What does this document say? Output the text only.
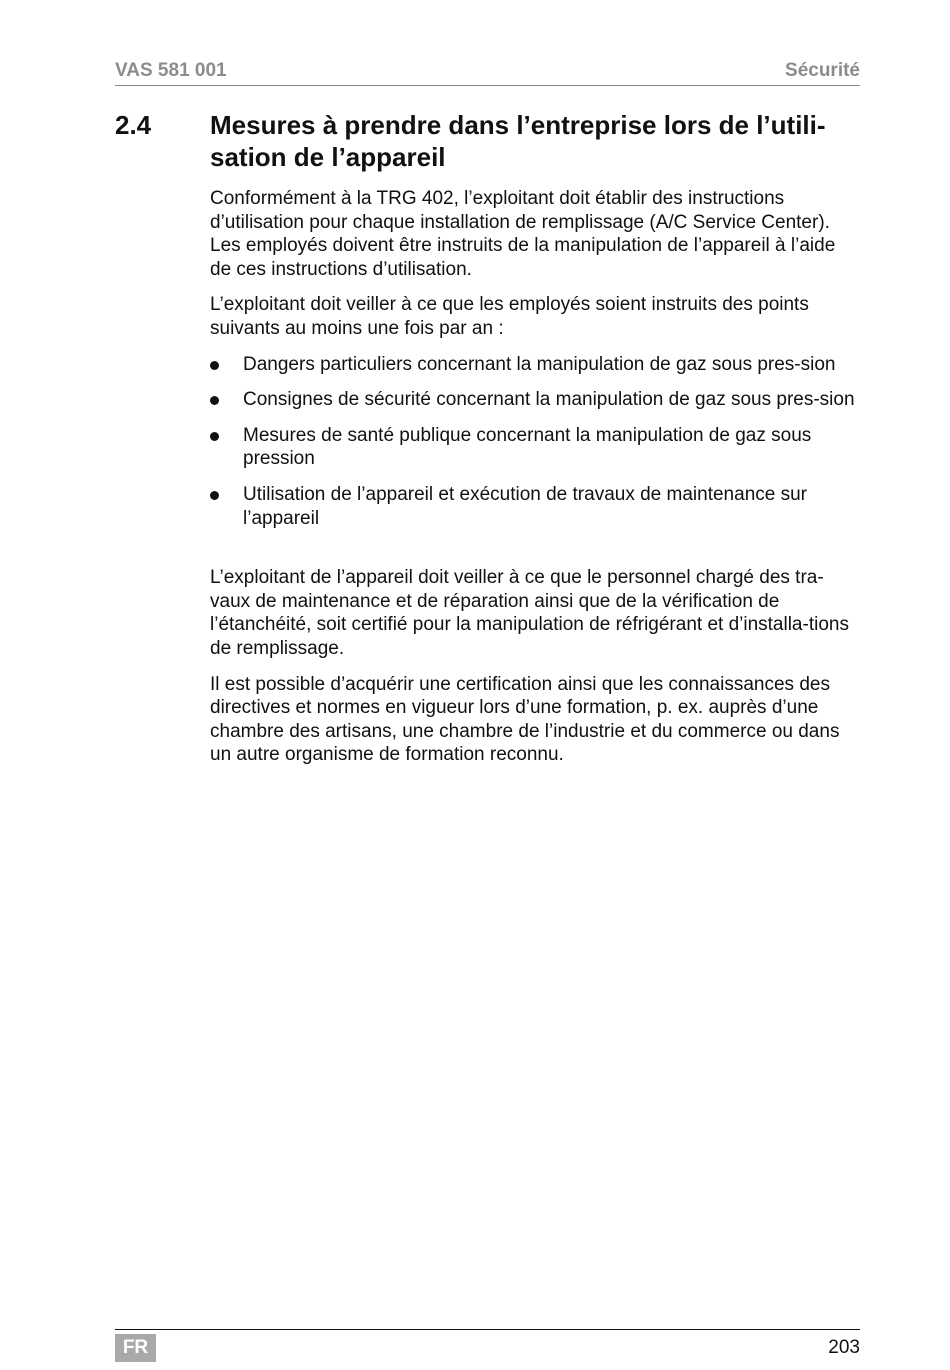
VAS 581 001	Sécurité
2.4 Mesures à prendre dans l’entreprise lors de l’utili-sation de l’appareil

Conformément à la TRG 402, l’exploitant doit établir des instructions d’utilisation pour chaque installation de remplissage (A/C Service Center). Les employés doivent être instruits de la manipulation de l’appareil à l’aide de ces instructions d’utilisation.

L’exploitant doit veiller à ce que les employés soient instruits des points suivants au moins une fois par an :

Dangers particuliers concernant la manipulation de gaz sous pres-sion
Consignes de sécurité concernant la manipulation de gaz sous pres-sion
Mesures de santé publique concernant la manipulation de gaz sous pression
Utilisation de l’appareil et exécution de travaux de maintenance sur l’appareil

L’exploitant de l’appareil doit veiller à ce que le personnel chargé des tra-vaux de maintenance et de réparation ainsi que de la vérification de l’étanchéité, soit certifié pour la manipulation de réfrigérant et d’installa-tions de remplissage.

Il est possible d’acquérir une certification ainsi que les connaissances des directives et normes en vigueur lors d’une formation, p. ex. auprès d’une chambre des artisans, une chambre de l’industrie et du commerce ou dans un autre organisme de formation reconnu.

FR	203
